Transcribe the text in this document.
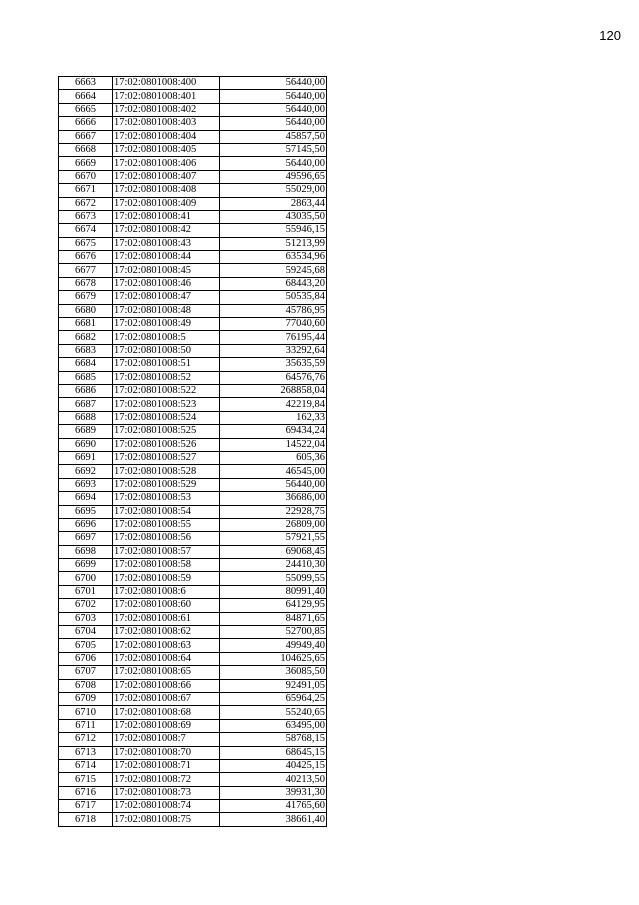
120
6663	17:02:0801008:400	56440,00
6664	17:02:0801008:401	56440,00
6665	17:02:0801008:402	56440,00
6666	17:02:0801008:403	56440,00
6667	17:02:0801008:404	45857,50
6668	17:02:0801008:405	57145,50
6669	17:02:0801008:406	56440,00
6670	17:02:0801008:407	49596,65
6671	17:02:0801008:408	55029,00
6672	17:02:0801008:409	2863,44
6673	17:02:0801008:41	43035,50
6674	17:02:0801008:42	55946,15
6675	17:02:0801008:43	51213,99
6676	17:02:0801008:44	63534,96
6677	17:02:0801008:45	59245,68
6678	17:02:0801008:46	68443,20
6679	17:02:0801008:47	50535,84
6680	17:02:0801008:48	45786,95
6681	17:02:0801008:49	77040,60
6682	17:02:0801008:5	76195,44
6683	17:02:0801008:50	33292,64
6684	17:02:0801008:51	35635,59
6685	17:02:0801008:52	64576,76
6686	17:02:0801008:522	268858,04
6687	17:02:0801008:523	42219,84
6688	17:02:0801008:524	162,33
6689	17:02:0801008:525	69434,24
6690	17:02:0801008:526	14522,04
6691	17:02:0801008:527	605,36
6692	17:02:0801008:528	46545,00
6693	17:02:0801008:529	56440,00
6694	17:02:0801008:53	36686,00
6695	17:02:0801008:54	22928,75
6696	17:02:0801008:55	26809,00
6697	17:02:0801008:56	57921,55
6698	17:02:0801008:57	69068,45
6699	17:02:0801008:58	24410,30
6700	17:02:0801008:59	55099,55
6701	17:02:0801008:6	80991,40
6702	17:02:0801008:60	64129,95
6703	17:02:0801008:61	84871,65
6704	17:02:0801008:62	52700,85
6705	17:02:0801008:63	49949,40
6706	17:02:0801008:64	104625,65
6707	17:02:0801008:65	36085,50
6708	17:02:0801008:66	92491,05
6709	17:02:0801008:67	65964,25
6710	17:02:0801008:68	55240,65
6711	17:02:0801008:69	63495,00
6712	17:02:0801008:7	58768,15
6713	17:02:0801008:70	68645,15
6714	17:02:0801008:71	40425,15
6715	17:02:0801008:72	40213,50
6716	17:02:0801008:73	39931,30
6717	17:02:0801008:74	41765,60
6718	17:02:0801008:75	38661,40
